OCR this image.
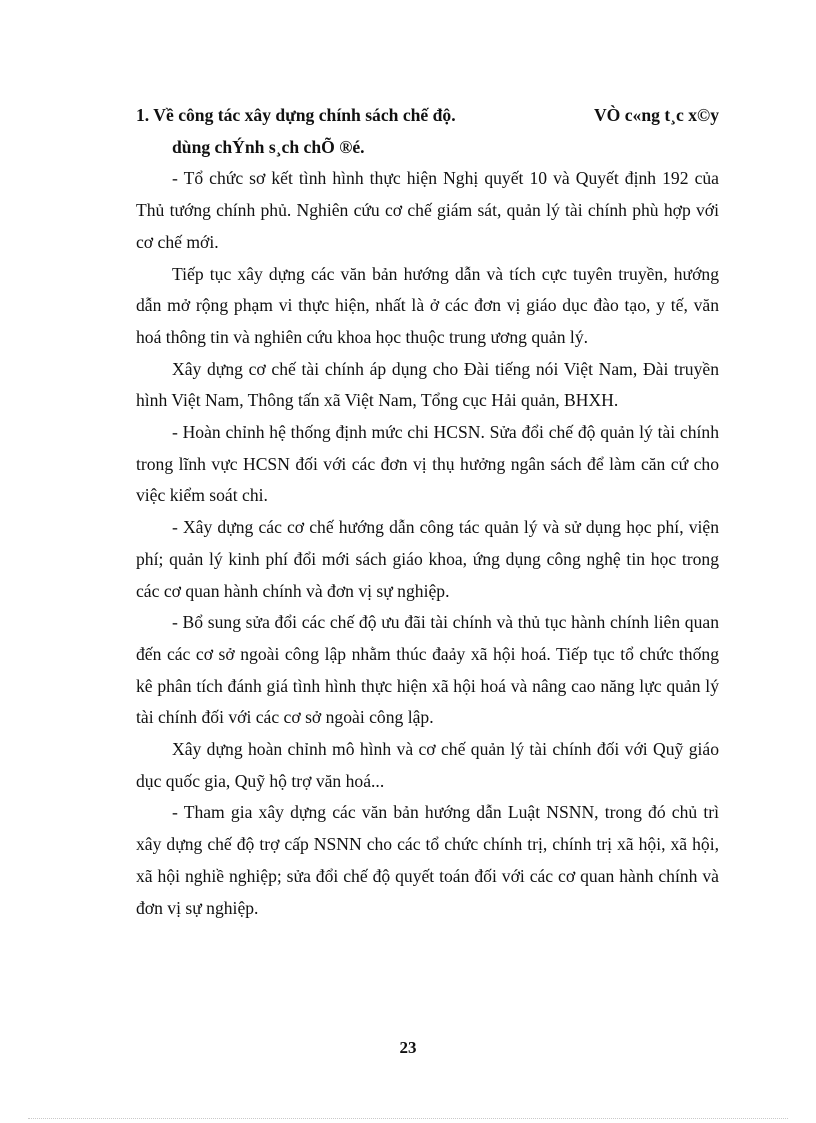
1. Về công tác xây dựng chính sách chế độ.	VÒ c«ng t¸c x©y
dùng chÝnh s¸ch chÕ ®é.

- Tổ chức sơ kết tình hình thực hiện Nghị quyết 10 và Quyết định 192 của Thủ tướng chính phủ. Nghiên cứu cơ chế giám sát, quản lý tài chính phù hợp với cơ chế mới.

Tiếp tục xây dựng các văn bản hướng dẫn và tích cực tuyên truyền, hướng dẫn mở rộng phạm vi thực hiện, nhất là ở các đơn vị giáo dục đào tạo, y tế, văn hoá thông tin và nghiên cứu khoa học thuộc trung ương quản lý.

Xây dựng cơ chế tài chính áp dụng cho Đài tiếng nói Việt Nam, Đài truyền hình Việt Nam, Thông tấn xã Việt Nam, Tổng cục Hải quản, BHXH.

- Hoàn chỉnh hệ thống định mức chi HCSN. Sửa đổi chế độ quản lý tài chính trong lĩnh vực HCSN đối với các đơn vị thụ hưởng ngân sách để làm căn cứ cho việc kiểm soát chi.

- Xây dựng các cơ chế hướng dẫn công tác quản lý và sử dụng học phí, viện phí; quản lý kinh phí đổi mới sách giáo khoa, ứng dụng công nghệ tin học trong các cơ quan hành chính và đơn vị sự nghiệp.

- Bổ sung sửa đổi các chế độ ưu đãi tài chính và thủ tục hành chính liên quan đến các cơ sở ngoài công lập nhằm thúc đaảy xã hội hoá. Tiếp tục tổ chức thống kê phân tích đánh giá tình hình thực hiện xã hội hoá và nâng cao năng lực quản lý tài chính đối với các cơ sở ngoài công lập.

Xây dựng hoàn chỉnh mô hình và cơ chế quản lý tài chính đối với Quỹ giáo dục quốc gia, Quỹ hộ trợ văn hoá...

- Tham gia xây dựng các văn bản hướng dẫn Luật NSNN, trong đó chủ trì xây dựng chế độ trợ cấp NSNN cho các tổ chức chính trị, chính trị xã hội, xã hội, xã hội nghiề nghiệp; sửa đổi chế độ quyết toán đối với các cơ quan hành chính và đơn vị sự nghiệp.

23
